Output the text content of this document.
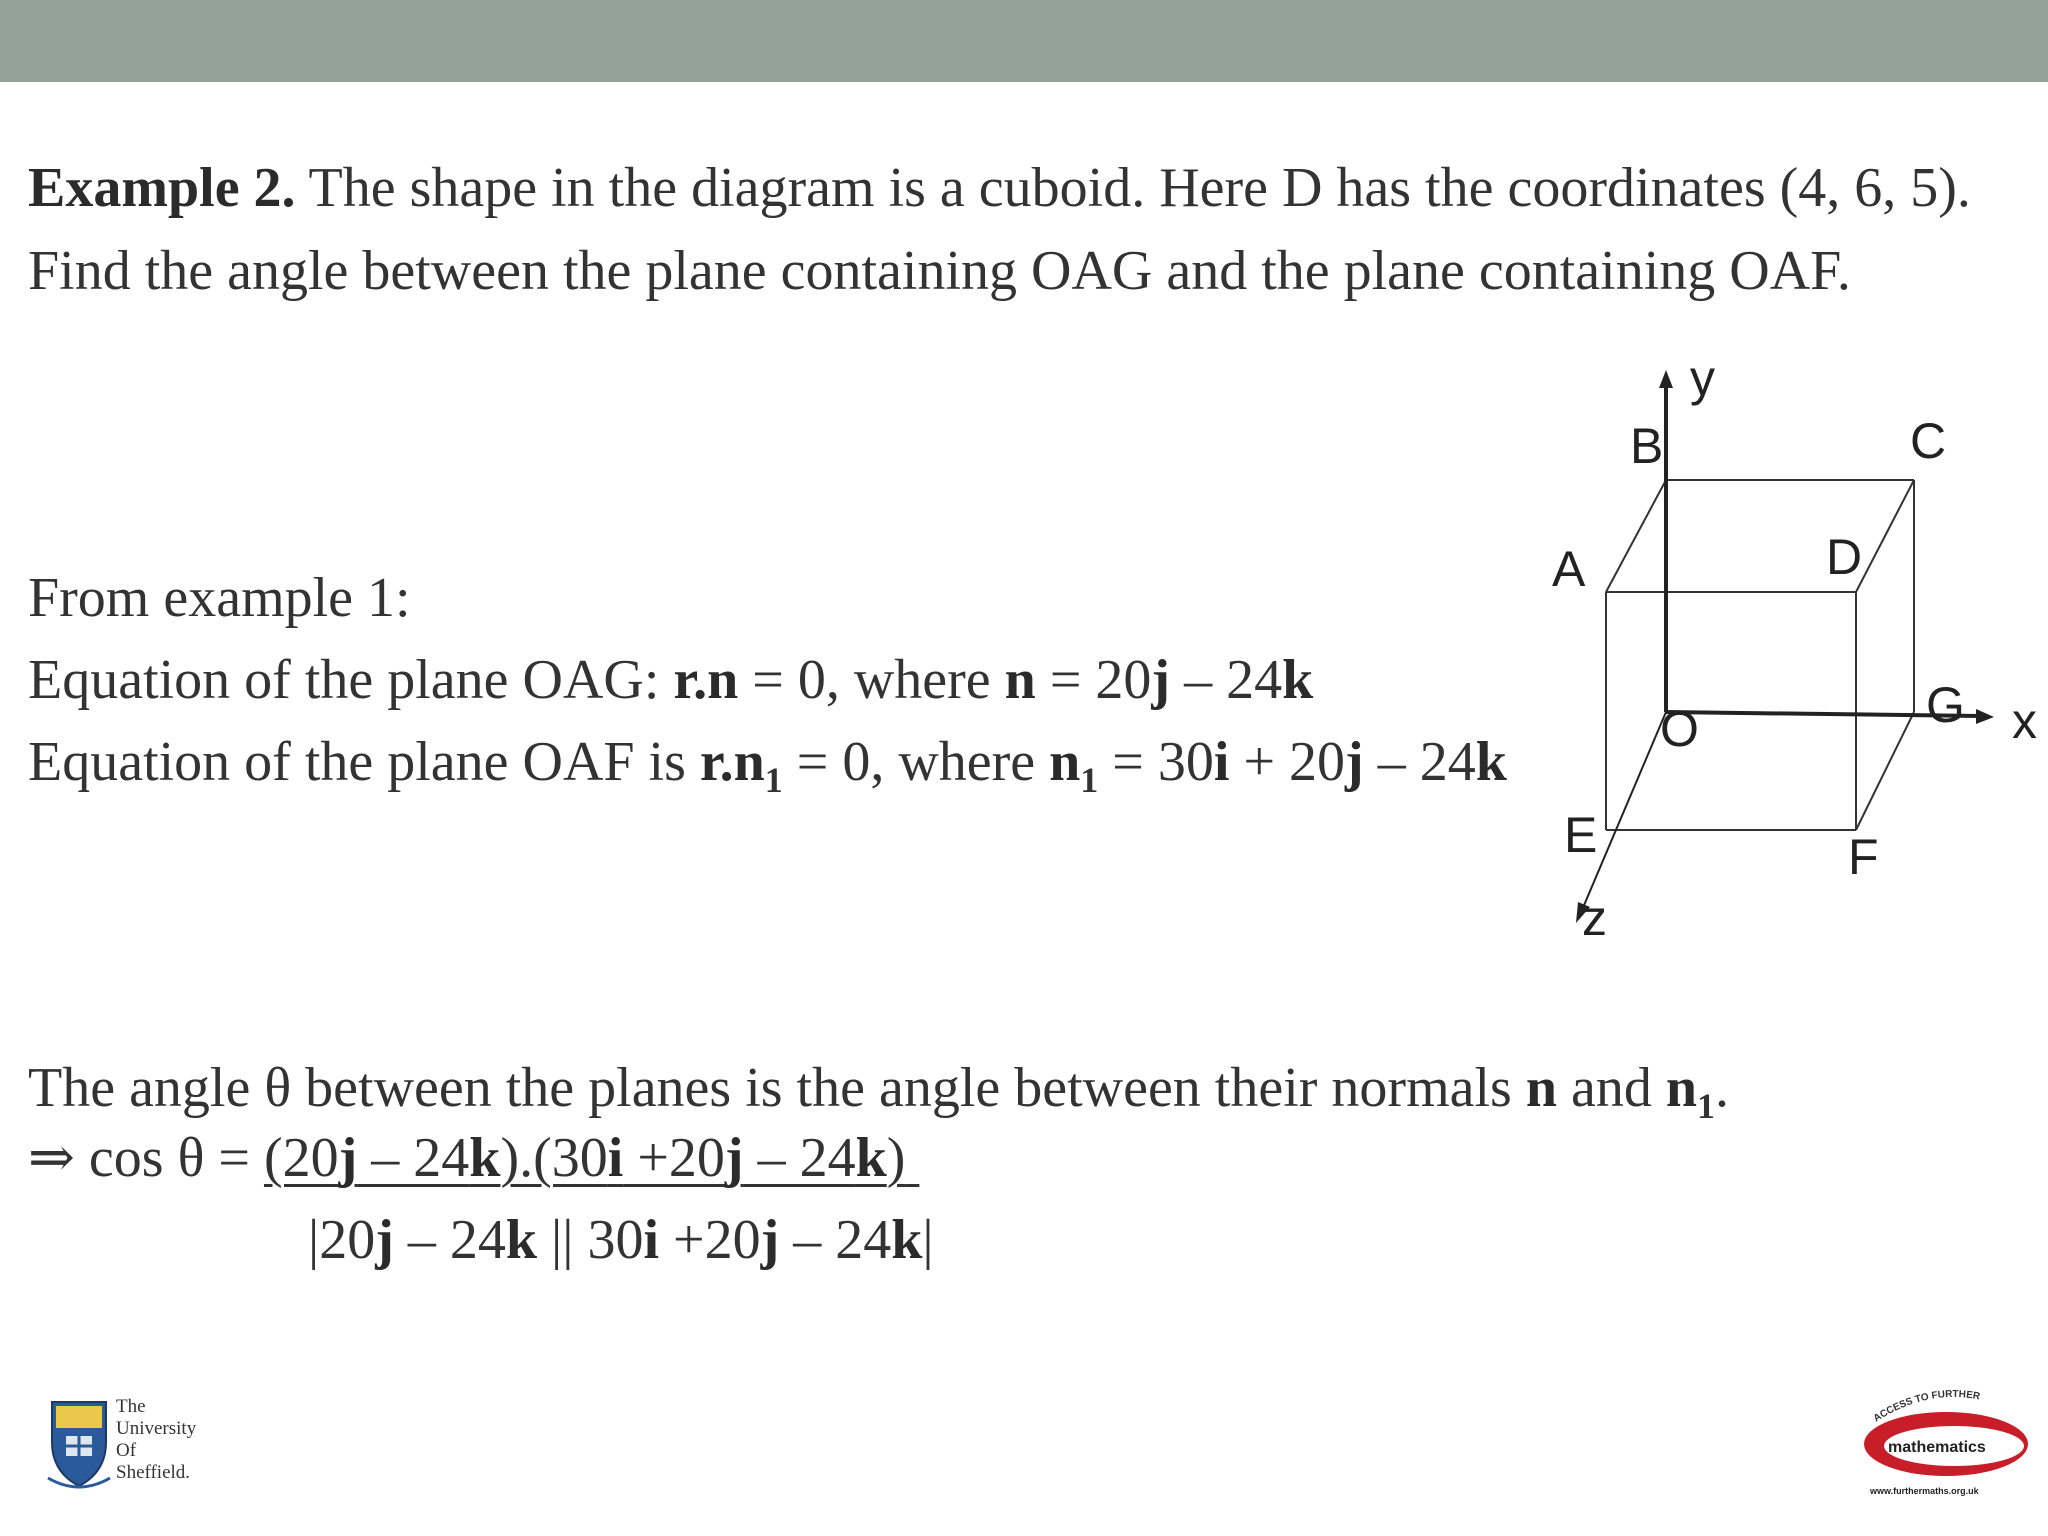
Example 2. The shape in the diagram is a cuboid. Here D has the coordinates (4, 6, 5).
Find the angle between the plane containing OAG and the plane containing OAF.
From example 1:
Equation of the plane OAG: r.n = 0, where n = 20j – 24k
Equation of the plane OAF is $r.n_1 = 0$, where $n_1 = 30i + 20j - 24k$
The angle θ between the planes is the angle between their normals n and $n_1$.
⇒ cos θ = (20j – 24k).(30i +20j – 24k)
|20j – 24k || 30i +20j – 24k|
y
x
z
B	C
A	D
O	G
E	F
The
University
Of
Sheffield.
ACCESS TO FURTHER
mathematics
www.furthermaths.org.uk
